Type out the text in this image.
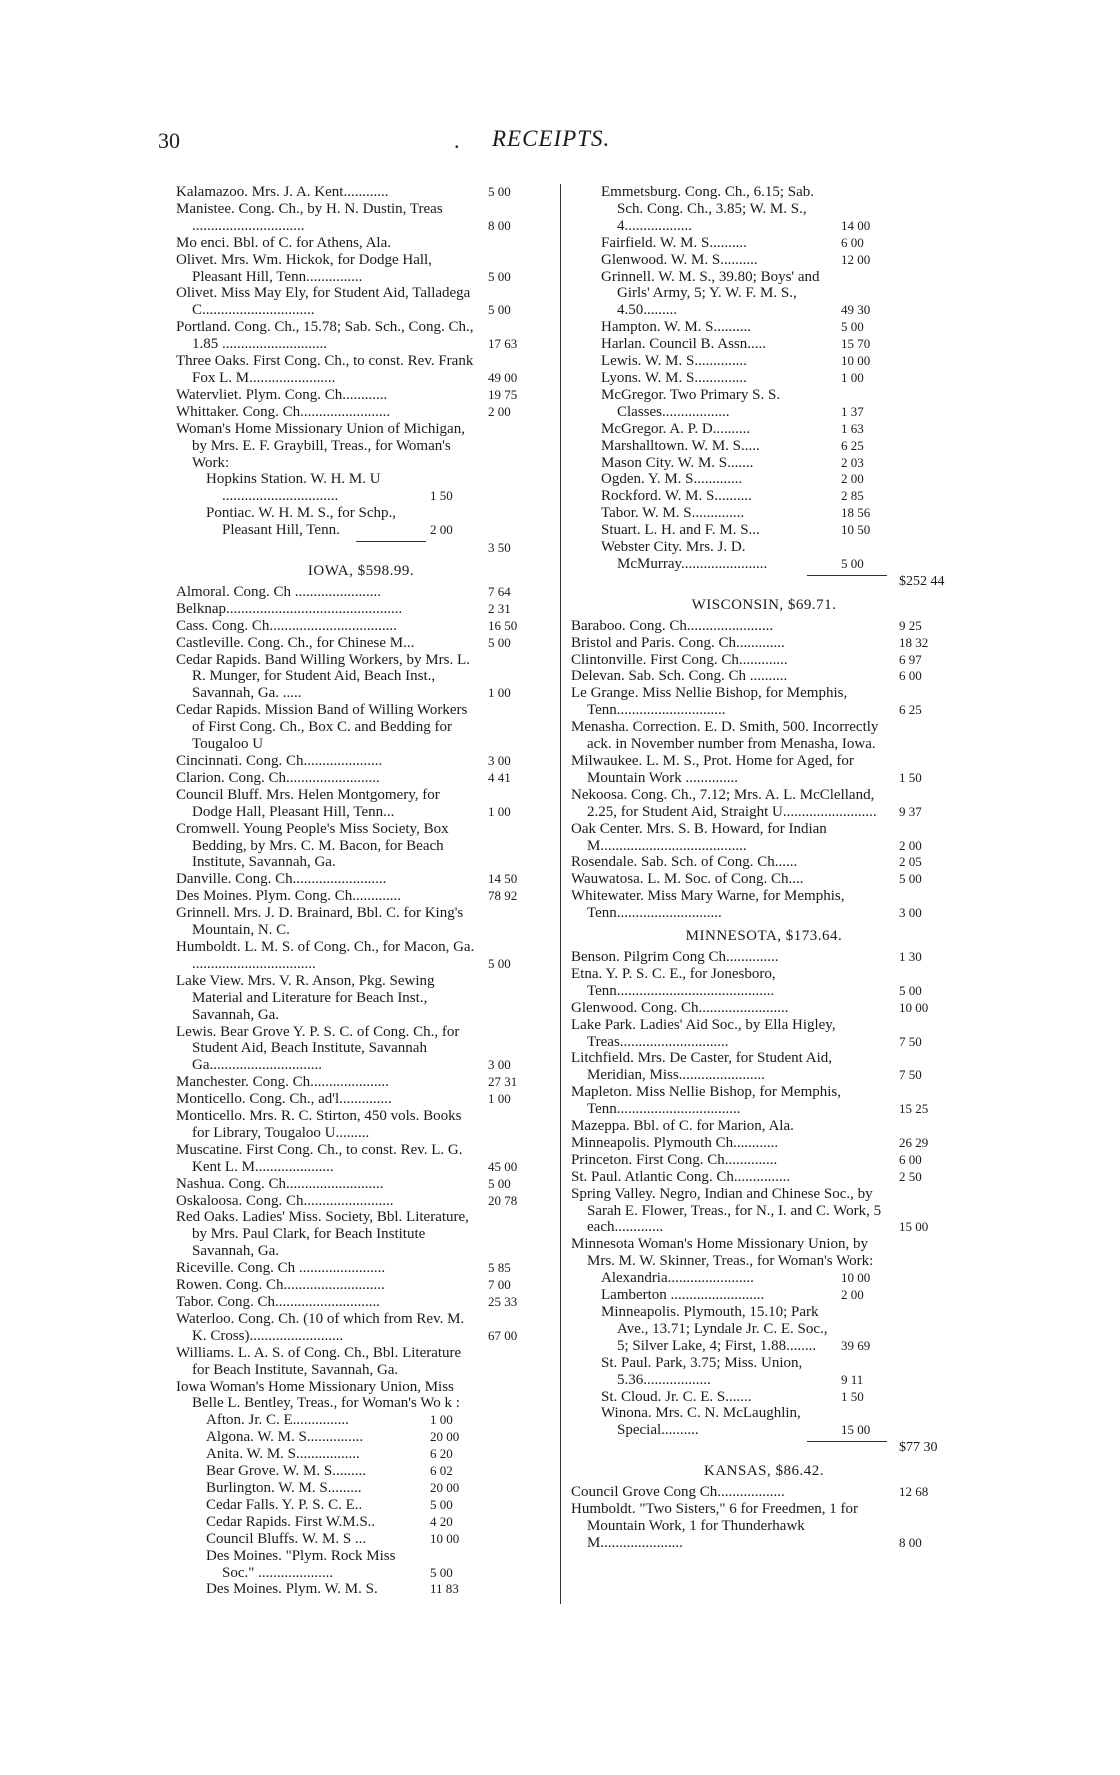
30	. RECEIPTS.
Kalamazoo. Mrs. J. A. Kent............	5 00
Manistee. Cong. Ch., by H. N. Dustin, Treas ..............................	8 00
Mo enci. Bbl. of C. for Athens, Ala.
Olivet. Mrs. Wm. Hickok, for Dodge Hall, Pleasant Hill, Tenn...............	5 00
Olivet. Miss May Ely, for Student Aid, Talladega C..............................	5 00
Portland. Cong. Ch., 15.78; Sab. Sch., Cong. Ch., 1.85 ............................	17 63
Three Oaks. First Cong. Ch., to const. Rev. Frank Fox L. M.......................	49 00
Watervliet. Plym. Cong. Ch............	19 75
Whittaker. Cong. Ch........................	2 00
Woman's Home Missionary Union of Michigan, by Mrs. E. F. Graybill, Treas., for Woman's Work:
Hopkins Station. W. H. M. U ...............................	1 50
Pontiac. W. H. M. S., for Schp., Pleasant Hill, Tenn.	2 00
3 50
IOWA, $598.99.
Almoral. Cong. Ch .......................	7 64
Belknap...............................................	2 31
Cass. Cong. Ch..................................	16 50
Castleville. Cong. Ch., for Chinese M...	5 00
Cedar Rapids. Band Willing Workers, by Mrs. L. R. Munger, for Student Aid, Beach Inst., Savannah, Ga. .....	1 00
Cedar Rapids. Mission Band of Willing Workers of First Cong. Ch., Box C. and Bedding for Tougaloo U
Cincinnati. Cong. Ch.....................	3 00
Clarion. Cong. Ch.........................	4 41
Council Bluff. Mrs. Helen Montgomery, for Dodge Hall, Pleasant Hill, Tenn...	1 00
Cromwell. Young People's Miss Society, Box Bedding, by Mrs. C. M. Bacon, for Beach Institute, Savannah, Ga.
Danville. Cong. Ch.........................	14 50
Des Moines. Plym. Cong. Ch.............	78 92
Grinnell. Mrs. J. D. Brainard, Bbl. C. for King's Mountain, N. C.
Humboldt. L. M. S. of Cong. Ch., for Macon, Ga. .................................	5 00
Lake View. Mrs. V. R. Anson, Pkg. Sewing Material and Literature for Beach Inst., Savannah, Ga.
Lewis. Bear Grove Y. P. S. C. of Cong. Ch., for Student Aid, Beach Institute, Savannah Ga..............................	3 00
Manchester. Cong. Ch.....................	27 31
Monticello. Cong. Ch., ad'l..............	1 00
Monticello. Mrs. R. C. Stirton, 450 vols. Books for Library, Tougaloo U.........
Muscatine. First Cong. Ch., to const. Rev. L. G. Kent L. M.....................	45 00
Nashua. Cong. Ch..........................	5 00
Oskaloosa. Cong. Ch........................	20 78
Red Oaks. Ladies' Miss. Society, Bbl. Literature, by Mrs. Paul Clark, for Beach Institute Savannah, Ga.
Riceville. Cong. Ch .......................	5 85
Rowen. Cong. Ch...........................	7 00
Tabor. Cong. Ch............................	25 33
Waterloo. Cong. Ch. (10 of which from Rev. M. K. Cross).........................	67 00
Williams. L. A. S. of Cong. Ch., Bbl. Literature for Beach Institute, Savannah, Ga.
Iowa Woman's Home Missionary Union, Miss Belle L. Bentley, Treas., for Woman's Wo k :
Afton. Jr. C. E...............	1 00
Algona. W. M. S...............	20 00
Anita. W. M. S.................	6 20
Bear Grove. W. M. S.........	6 02
Burlington. W. M. S.........	20 00
Cedar Falls. Y. P. S. C. E..	5 00
Cedar Rapids. First W.M.S..	4 20
Council Bluffs. W. M. S ...	10 00
Des Moines. "Plym. Rock Miss Soc." ....................	5 00
Des Moines. Plym. W. M. S.	11 83
Emmetsburg. Cong. Ch., 6.15; Sab. Sch. Cong. Ch., 3.85; W. M. S., 4..................	14 00
Fairfield. W. M. S..........	6 00
Glenwood. W. M. S..........	12 00
Grinnell. W. M. S., 39.80; Boys' and Girls' Army, 5; Y. W. F. M. S., 4.50.........	49 30
Hampton. W. M. S..........	5 00
Harlan. Council B. Assn.....	15 70
Lewis. W. M. S..............	10 00
Lyons. W. M. S..............	1 00
McGregor. Two Primary S. S. Classes..................	1 37
McGregor. A. P. D..........	1 63
Marshalltown. W. M. S.....	6 25
Mason City. W. M. S.......	2 03
Ogden. Y. M. S.............	2 00
Rockford. W. M. S..........	2 85
Tabor. W. M. S..............	18 56
Stuart. L. H. and F. M. S...	10 50
Webster City. Mrs. J. D. McMurray.......................	5 00
$252 44
WISCONSIN, $69.71.
Baraboo. Cong. Ch.......................	9 25
Bristol and Paris. Cong. Ch.............	18 32
Clintonville. First Cong. Ch.............	6 97
Delevan. Sab. Sch. Cong. Ch ..........	6 00
Le Grange. Miss Nellie Bishop, for Memphis, Tenn.............................	6 25
Menasha. Correction. E. D. Smith, 500. Incorrectly ack. in November number from Menasha, Iowa.
Milwaukee. L. M. S., Prot. Home for Aged, for Mountain Work ..............	1 50
Nekoosa. Cong. Ch., 7.12; Mrs. A. L. McClelland, 2.25, for Student Aid, Straight U.........................	9 37
Oak Center. Mrs. S. B. Howard, for Indian M.......................................	2 00
Rosendale. Sab. Sch. of Cong. Ch......	2 05
Wauwatosa. L. M. Soc. of Cong. Ch....	5 00
Whitewater. Miss Mary Warne, for Memphis, Tenn............................	3 00
MINNESOTA, $173.64.
Benson. Pilgrim Cong Ch..............	1 30
Etna. Y. P. S. C. E., for Jonesboro, Tenn..........................................	5 00
Glenwood. Cong. Ch........................	10 00
Lake Park. Ladies' Aid Soc., by Ella Higley, Treas.............................	7 50
Litchfield. Mrs. De Caster, for Student Aid, Meridian, Miss.......................	7 50
Mapleton. Miss Nellie Bishop, for Memphis, Tenn.................................	15 25
Mazeppa. Bbl. of C. for Marion, Ala.
Minneapolis. Plymouth Ch............	26 29
Princeton. First Cong. Ch..............	6 00
St. Paul. Atlantic Cong. Ch...............	2 50
Spring Valley. Negro, Indian and Chinese Soc., by Sarah E. Flower, Treas., for N., I. and C. Work, 5 each.............	15 00
Minnesota Woman's Home Missionary Union, by Mrs. M. W. Skinner, Treas., for Woman's Work:
Alexandria.......................	10 00
Lamberton .........................	2 00
Minneapolis. Plymouth, 15.10; Park Ave., 13.71; Lyndale Jr. C. E. Soc., 5; Silver Lake, 4; First, 1.88........	39 69
St. Paul. Park, 3.75; Miss. Union, 5.36..................	9 11
St. Cloud. Jr. C. E. S.......	1 50
Winona. Mrs. C. N. McLaughlin, Special..........	15 00
$77 30
KANSAS, $86.42.
Council Grove Cong Ch..................	12 68
Humboldt. "Two Sisters," 6 for Freedmen, 1 for Mountain Work, 1 for Thunderhawk M......................	8 00
